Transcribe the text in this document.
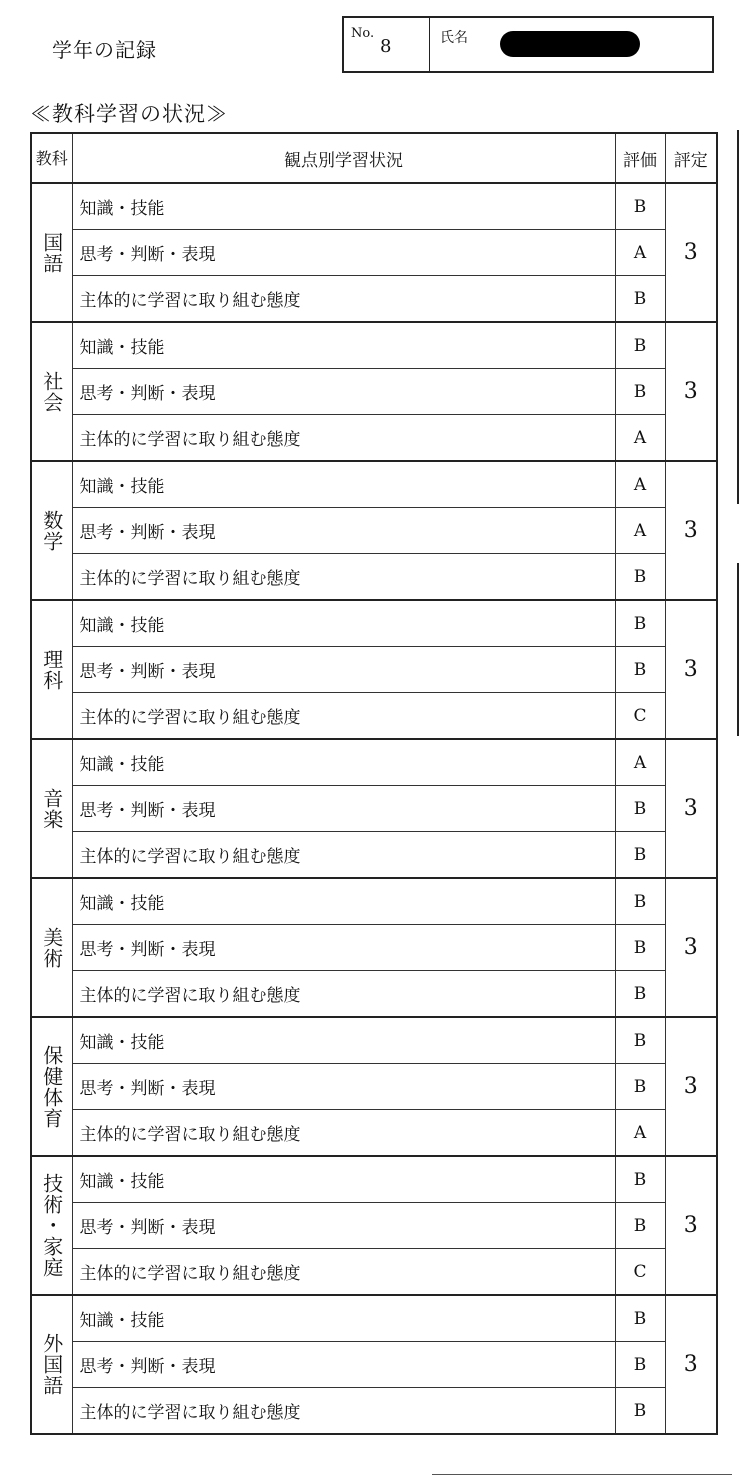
学年の記録
No.
8	氏名
≪教科学習の状況≫
教科	観点別学習状況	評価	評定
国語	知識・技能	B	3
	思考・判断・表現	A	
	主体的に学習に取り組む態度	B	
社会	知識・技能	B	3
	思考・判断・表現	B	
	主体的に学習に取り組む態度	A	
数学	知識・技能	A	3
	思考・判断・表現	A	
	主体的に学習に取り組む態度	B	
理科	知識・技能	B	3
	思考・判断・表現	B	
	主体的に学習に取り組む態度	C	
音楽	知識・技能	A	3
	思考・判断・表現	B	
	主体的に学習に取り組む態度	B	
美術	知識・技能	B	3
	思考・判断・表現	B	
	主体的に学習に取り組む態度	B	
保健体育	知識・技能	B	3
	思考・判断・表現	B	
	主体的に学習に取り組む態度	A	
技術・家庭	知識・技能	B	3
	思考・判断・表現	B	
	主体的に学習に取り組む態度	C	
外国語	知識・技能	B	3
	思考・判断・表現	B	
	主体的に学習に取り組む態度	B	
